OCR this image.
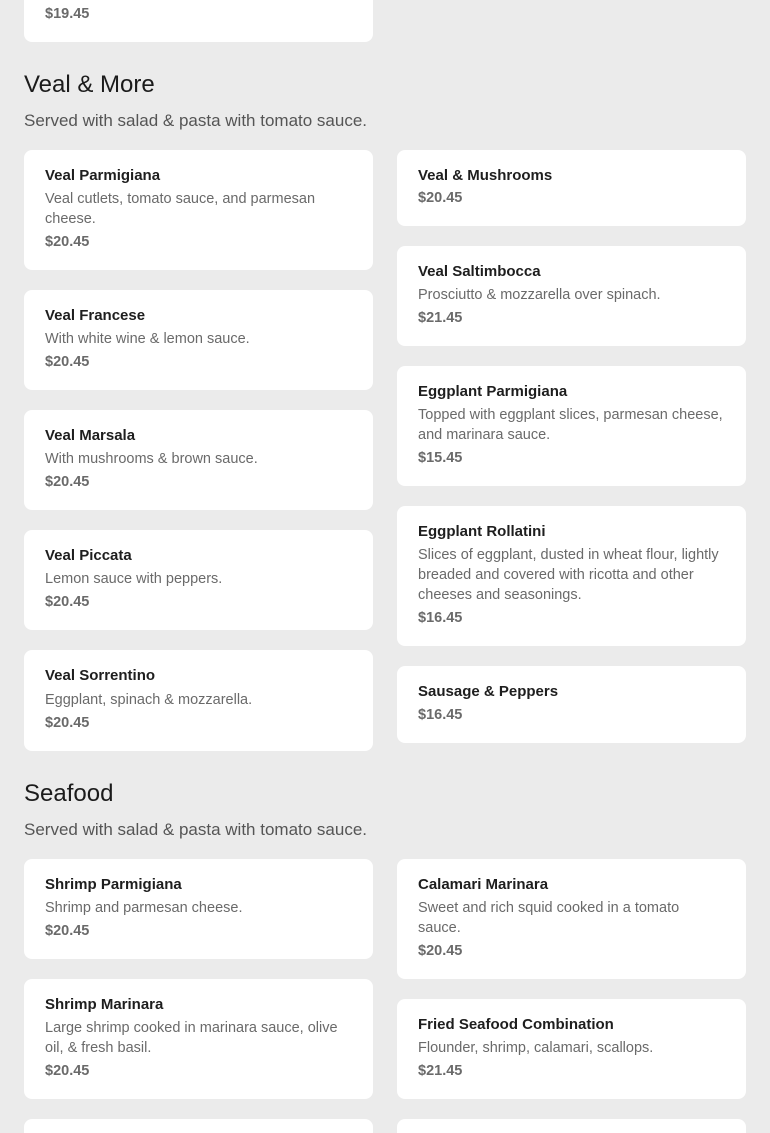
$19.45
Veal & More
Served with salad & pasta with tomato sauce.
Veal Parmigiana
Veal cutlets, tomato sauce, and parmesan cheese.
$20.45
Veal Francese
With white wine & lemon sauce.
$20.45
Veal Marsala
With mushrooms & brown sauce.
$20.45
Veal Piccata
Lemon sauce with peppers.
$20.45
Veal Sorrentino
Eggplant, spinach & mozzarella.
$20.45
Veal & Mushrooms
$20.45
Veal Saltimbocca
Prosciutto & mozzarella over spinach.
$21.45
Eggplant Parmigiana
Topped with eggplant slices, parmesan cheese, and marinara sauce.
$15.45
Eggplant Rollatini
Slices of eggplant, dusted in wheat flour, lightly breaded and covered with ricotta and other cheeses and seasonings.
$16.45
Sausage & Peppers
$16.45
Seafood
Served with salad & pasta with tomato sauce.
Shrimp Parmigiana
Shrimp and parmesan cheese.
$20.45
Shrimp Marinara
Large shrimp cooked in marinara sauce, olive oil, & fresh basil.
$20.45
Calamari Marinara
Sweet and rich squid cooked in a tomato sauce.
$20.45
Fried Seafood Combination
Flounder, shrimp, calamari, scallops.
$21.45
